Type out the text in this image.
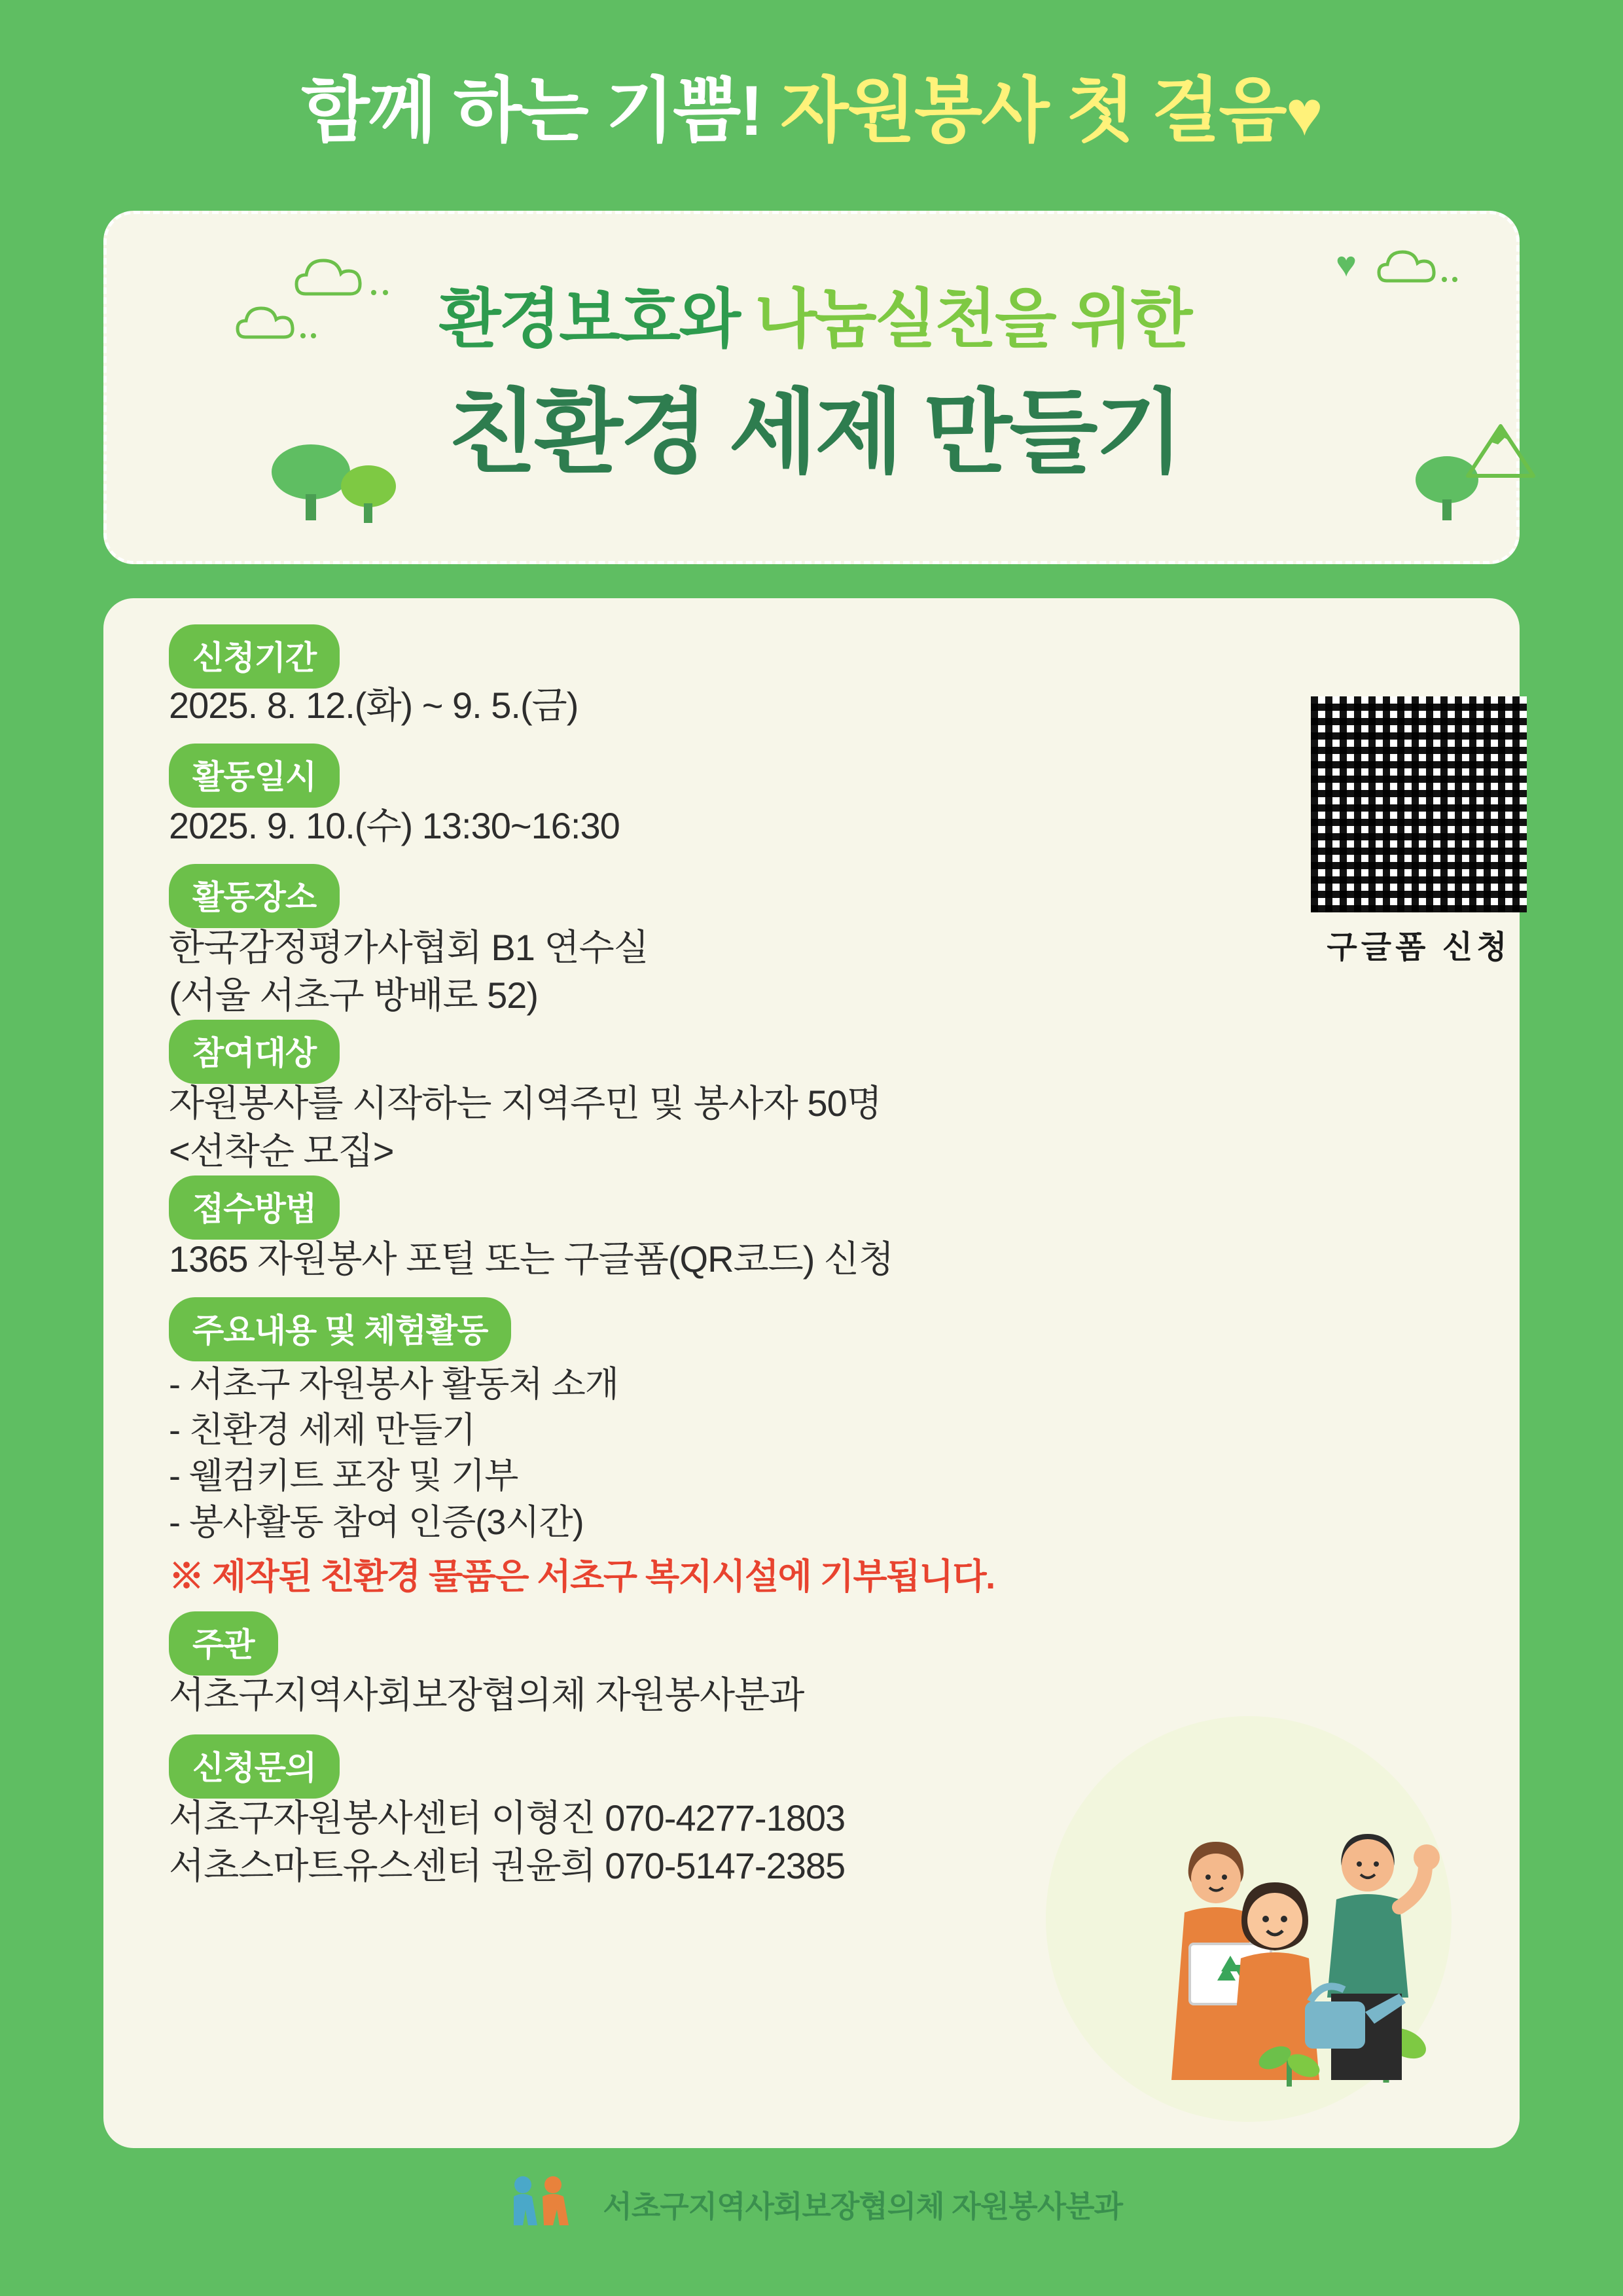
함께 하는 기쁨! 자원봉사 첫 걸음♥
♥
환경보호와 나눔실천을 위한
친환경 세제 만들기
구글폼 신청
신청기간
2025. 8. 12.(화) ~ 9. 5.(금)
활동일시
2025. 9. 10.(수) 13:30~16:30
활동장소
한국감정평가사협회 B1 연수실
(서울 서초구 방배로 52)
참여대상
자원봉사를 시작하는 지역주민 및 봉사자 50명
<선착순 모집>
접수방법
1365 자원봉사 포털 또는 구글폼(QR코드) 신청
주요내용 및 체험활동
- 서초구 자원봉사 활동처 소개
- 친환경 세제 만들기
- 웰컴키트 포장 및 기부
- 봉사활동 참여 인증(3시간)
※ 제작된 친환경 물품은 서초구 복지시설에 기부됩니다.
주관
서초구지역사회보장협의체 자원봉사분과
신청문의
서초구자원봉사센터 이형진 070-4277-1803
서초스마트유스센터 권윤희 070-5147-2385
서초구지역사회보장협의체 자원봉사분과
